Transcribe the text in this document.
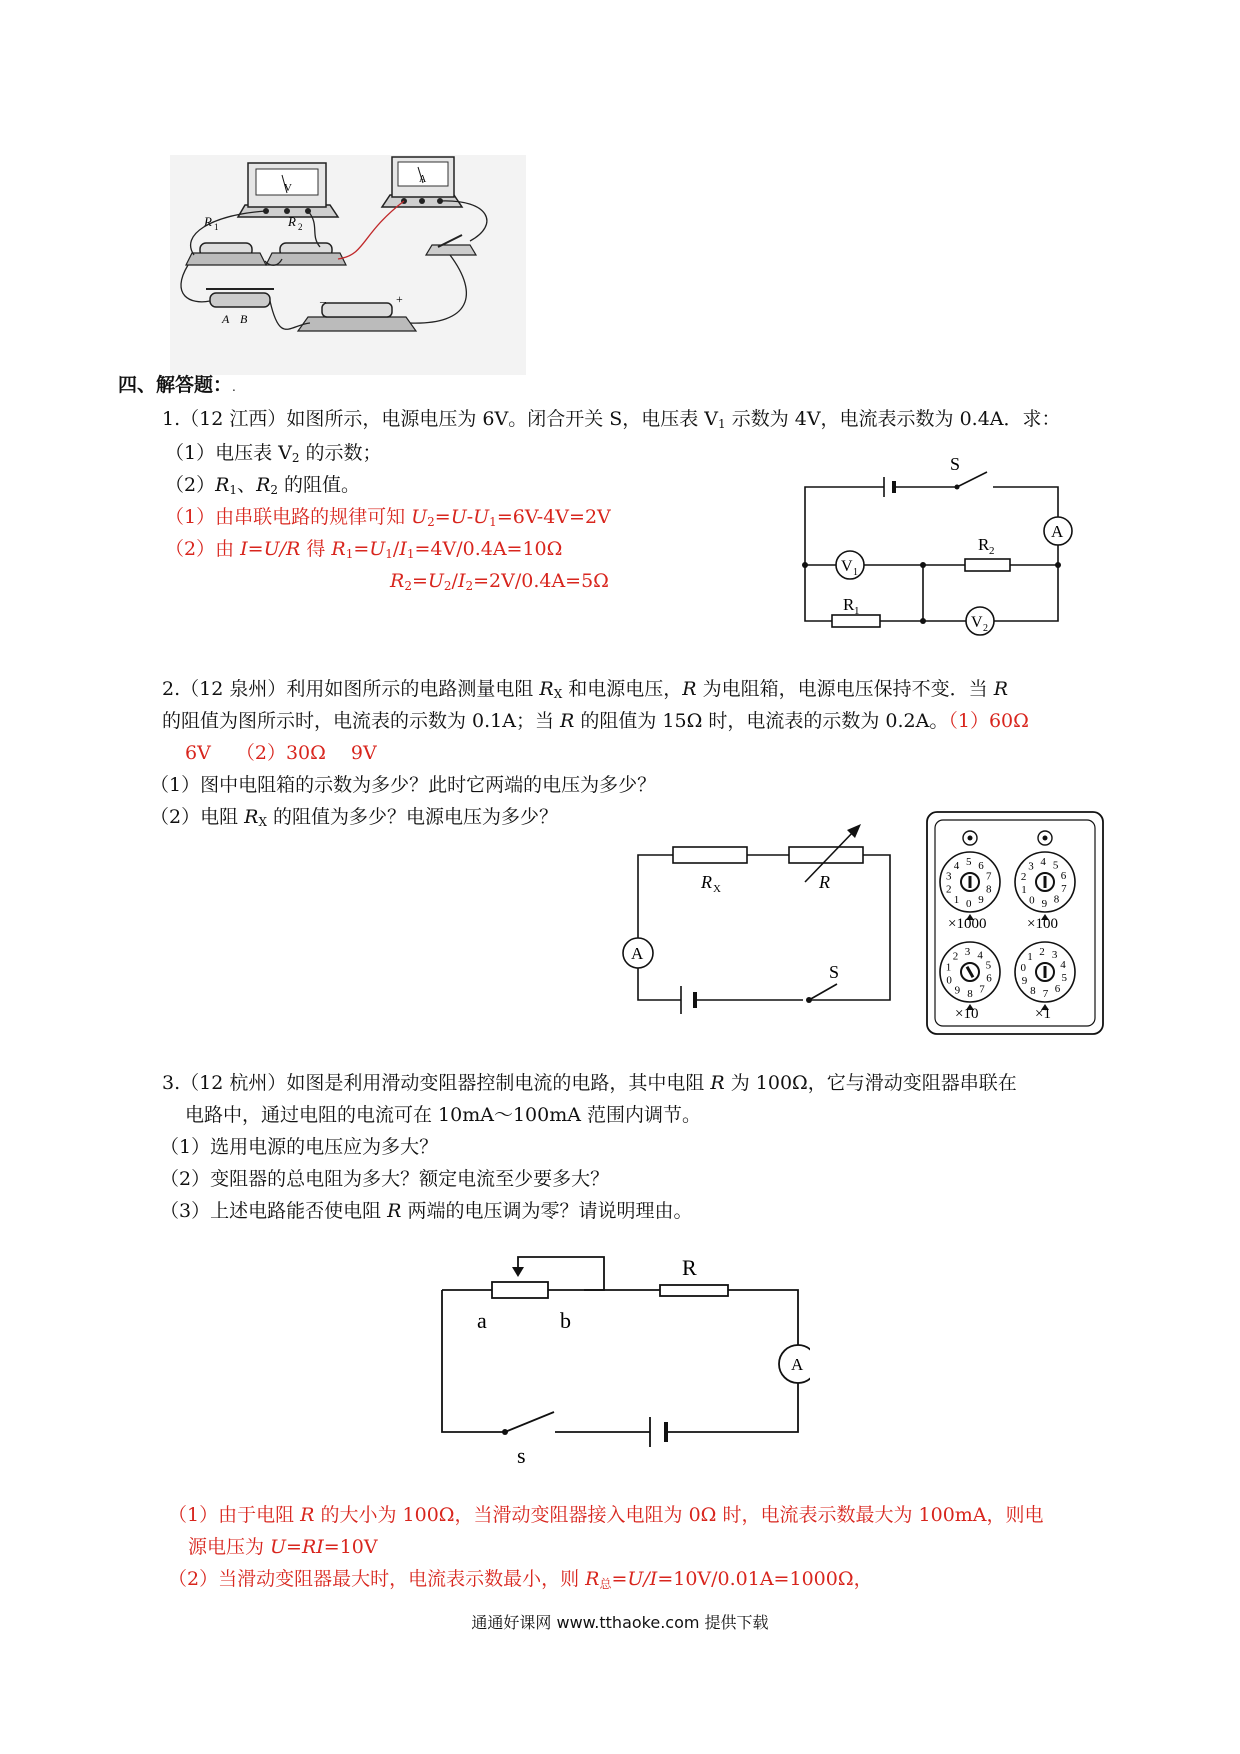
V
A
R 1	R 2
A B
–	+
四、解答题：.
1.（12 江西）如图所示，电源电压为 6V。闭合开关 S，电压表 $V_1$ 示数为 4V，电流表示数为 0.4A．求：
（1）电压表 $V_2$ 的示数；
$(2)R_1$、$R_2$ 的阻值。
（1）由串联电路的规律可知 $U_2=U-U_1=6V-4V=2V$
（2）由 I=U/R 得 $R_1=U_1/I_1=4V/0.4A=10\Omega$
$R_2=U_2/I_2=2V/0.4A=5\Omega$
S
A
V 1
R 2
R 1
V 2
2.（12 泉州）利用如图所示的电路测量电阻 $R_X$ 和电源电压，R 为电阻箱，电源电压保持不变．当 R
的阻值为图所示时，电流表的示数为 0.1A；当 R 的阻值为 15Ω 时，电流表的示数为 0.2A。（1）60Ω
6V　 （2）30Ω　 9V
（1）图中电阻箱的示数为多少？此时它两端的电压为多少？
（2）电阻 $R_X$ 的阻值为多少？电源电压为多少？
R X	R
A
S
0
1
2
3
4 5 6
7
8
9	0
1
2
3 4 5
6
7
8
9
0
1
2 3 4
5
6
7
8
9
0
1 2 3
4
5
6
7
8
9
×1000	×100
×10	×1
3.（12 杭州）如图是利用滑动变阻器控制电流的电路，其中电阻 R 为 100Ω，它与滑动变阻器串联在
电路中，通过电阻的电流可在 10mA～100mA 范围内调节。
（1）选用电源的电压应为多大？
（2）变阻器的总电阻为多大？额定电流至少要多大？
（3）上述电路能否使电阻 R 两端的电压调为零？请说明理由。
R
a	b
A
s
（1）由于电阻 R 的大小为 100Ω，当滑动变阻器接入电阻为 0Ω 时，电流表示数最大为 100mA，则电
源电压为 U=RI=10V
（2）当滑动变阻器最大时，电流表示数最小，则 $R_总=U/I=10V/0.01A=1000\Omega$，
通通好课网 www.tthaoke.com 提供下载
